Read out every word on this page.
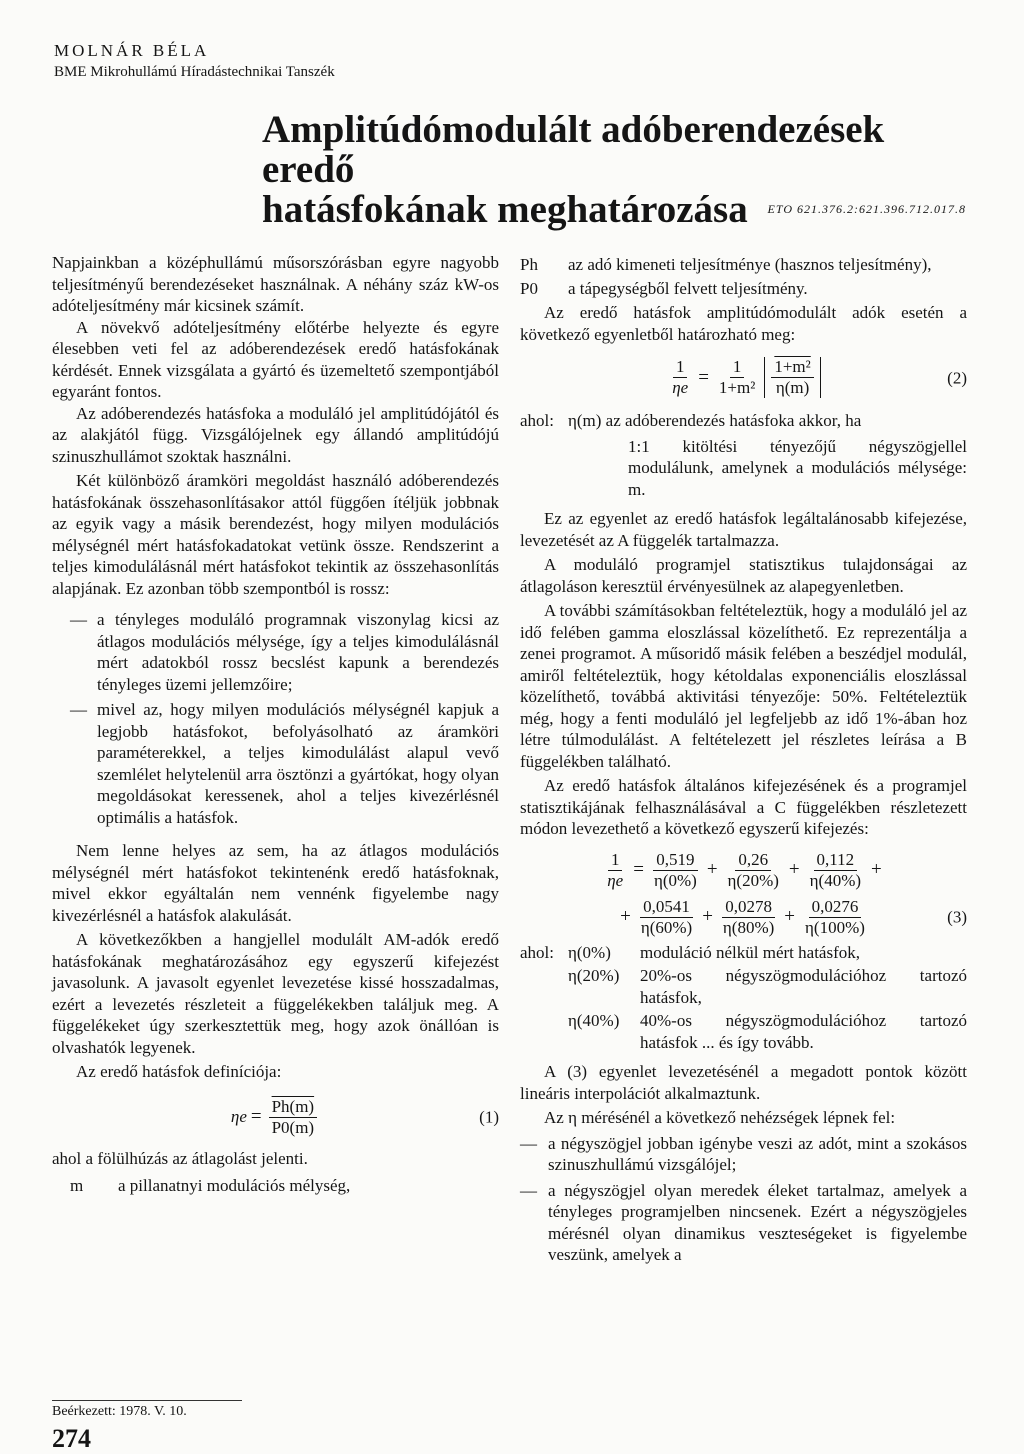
MOLNÁR BÉLA
BME Mikrohullámú Híradástechnikai Tanszék
Amplitúdómodulált adóberendezések eredő
hatásfokának meghatározása	ETO 621.376.2:621.396.712.017.8

Napjainkban a középhullámú műsorszórásban egyre nagyobb teljesítményű berendezéseket használnak. A néhány száz kW-os adóteljesítmény már kicsinek számít.

A növekvő adóteljesítmény előtérbe helyezte és egyre élesebben veti fel az adóberendezések eredő hatásfokának kérdését. Ennek vizsgálata a gyártó és üzemeltető szempontjából egyaránt fontos.

Az adóberendezés hatásfoka a moduláló jel amplitúdójától és az alakjától függ. Vizsgálójelnek egy állandó amplitúdójú szinuszhullámot szoktak használni.

Két különböző áramköri megoldást használó adóberendezés hatásfokának összehasonlításakor attól függően ítéljük jobbnak az egyik vagy a másik berendezést, hogy milyen modulációs mélységnél mért hatásfokadatokat vetünk össze. Rendszerint a teljes kimodulálásnál mért hatásfokot tekintik az összehasonlítás alapjának. Ez azonban több szempontból is rossz:

— a tényleges moduláló programnak viszonylag kicsi az átlagos modulációs mélysége, így a teljes kimodulálásnál mért adatokból rossz becslést kapunk a berendezés tényleges üzemi jellemzőire;
— mivel az, hogy milyen modulációs mélységnél kapjuk a legjobb hatásfokot, befolyásolható az áramköri paraméterekkel, a teljes kimodulálást alapul vevő szemlélet helytelenül arra ösztönzi a gyártókat, hogy olyan megoldásokat keressenek, ahol a teljes kivezérlésnél optimális a hatásfok.

Nem lenne helyes az sem, ha az átlagos modulációs mélységnél mért hatásfokot tekintenénk eredő hatásfoknak, mivel ekkor egyáltalán nem vennénk figyelembe nagy kivezérlésnél a hatásfok alakulását.

A következőkben a hangjellel modulált AM-adók eredő hatásfokának meghatározásához egy egyszerű kifejezést javasolunk. A javasolt egyenlet levezetése kissé hosszadalmas, ezért a levezetés részleteit a függelékekben találjuk meg. A függelékeket úgy szerkesztettük meg, hogy azok önállóan is olvashatók legyenek.

Az eredő hatásfok definíciója:

$\eta e = \frac{Ph(m)}{P0(m)}$	(1)

ahol a fölülhúzás az átlagolást jelenti.

m	a pillanatnyi modulációs mélység,
Ph	az adó kimeneti teljesítménye (hasznos teljesítmény),
P0	a tápegységből felvett teljesítmény.

Az eredő hatásfok amplitúdómodulált adók esetén a következő egyenletből határozható meg:

$\frac{1}{\eta e} = \frac{1}{\text{1+m²}} \frac{\text{1+m²}}{\eta(m)}$	(2)
ahol: η(m) az adóberendezés hatásfoka akkor, ha
1:1 kitöltési tényezőjű négyszögjellel modulálunk, amelynek a modulációs mélysége: m.

Ez az egyenlet az eredő hatásfok legáltalánosabb kifejezése, levezetését az A függelék tartalmazza.

A moduláló programjel statisztikus tulajdonságai az átlagoláson keresztül érvényesülnek az alapegyenletben.

A további számításokban feltételeztük, hogy a moduláló jel az idő felében gamma eloszlással közelíthető. Ez reprezentálja a zenei programot. A műsoridő másik felében a beszédjel modulál, amiről feltételeztük, hogy kétoldalas exponenciális eloszlással közelíthető, továbbá aktivitási tényezője: 50%. Feltételeztük még, hogy a fenti moduláló jel legfeljebb az idő 1%-ában hoz létre túlmodulálást. A feltételezett jel részletes leírása a B függelékben található.

Az eredő hatásfok általános kifejezésének és a programjel statisztikájának felhasználásával a C függelékben részletezett módon levezethető a következő egyszerű kifejezés:

$\frac{1}{\eta e} = \frac{0,519}{\eta(0\%)} + \frac{0,26}{\eta(20\%)} + \frac{0,112}{\eta(40\%)}$ +
+ $\frac{0,0541}{\eta(60\%)} + \frac{0,0278}{\eta(80\%)} + \frac{0,0276}{\eta(100\%)}$	(3)
ahol: η(0%)	moduláció nélkül mért hatásfok,
η(20%)	20%-os négyszögmodulációhoz tartozó hatásfok,
η(40%)	40%-os négyszögmodulációhoz tartozó hatásfok ... és így tovább.

A (3) egyenlet levezetésénél a megadott pontok között lineáris interpolációt alkalmaztunk.

Az η mérésénél a következő nehézségek lépnek fel:

— a négyszögjel jobban igénybe veszi az adót, mint a szokásos szinuszhullámú vizsgálójel;
— a négyszögjel olyan meredek éleket tartalmaz, amelyek a tényleges programjelben nincsenek. Ezért a négyszögjeles mérésnél olyan dinamikus veszteségeket is figyelembe veszünk, amelyek a
Beérkezett: 1978. V. 10.
274
